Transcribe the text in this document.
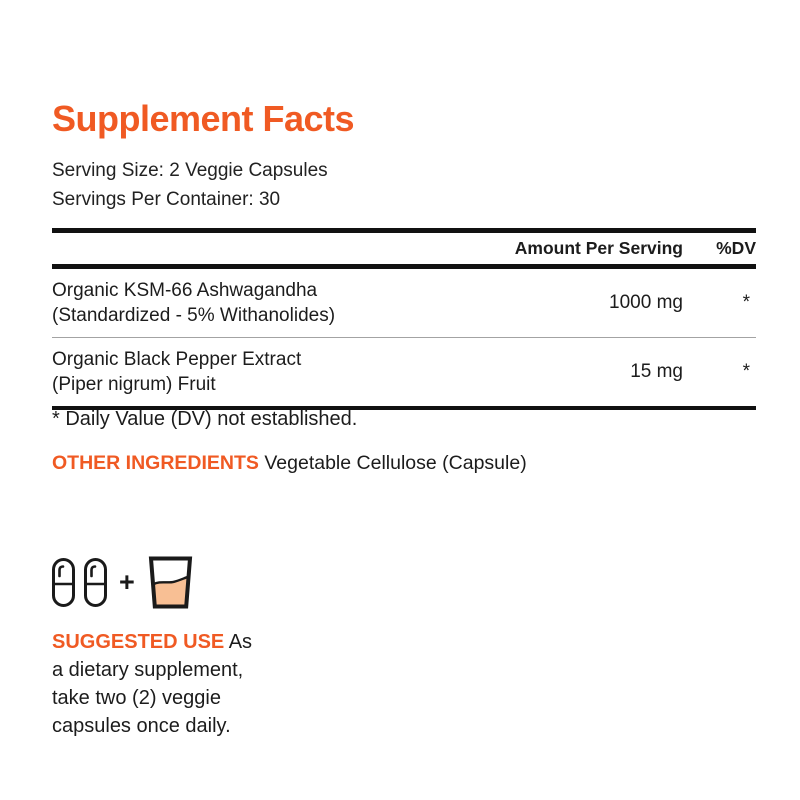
Supplement Facts
Serving Size: 2 Veggie Capsules
Servings Per Container: 30
Amount Per Serving	%DV
Organic KSM-66 Ashwagandha
(Standardized - 5% Withanolides)
1000 mg	*
Organic Black Pepper Extract
(Piper nigrum) Fruit
15 mg	*

* Daily Value (DV) not established.

OTHER INGREDIENTS Vegetable Cellulose (Capsule)

+

SUGGESTED USE As a dietary supplement, take two (2) veggie capsules once daily.
